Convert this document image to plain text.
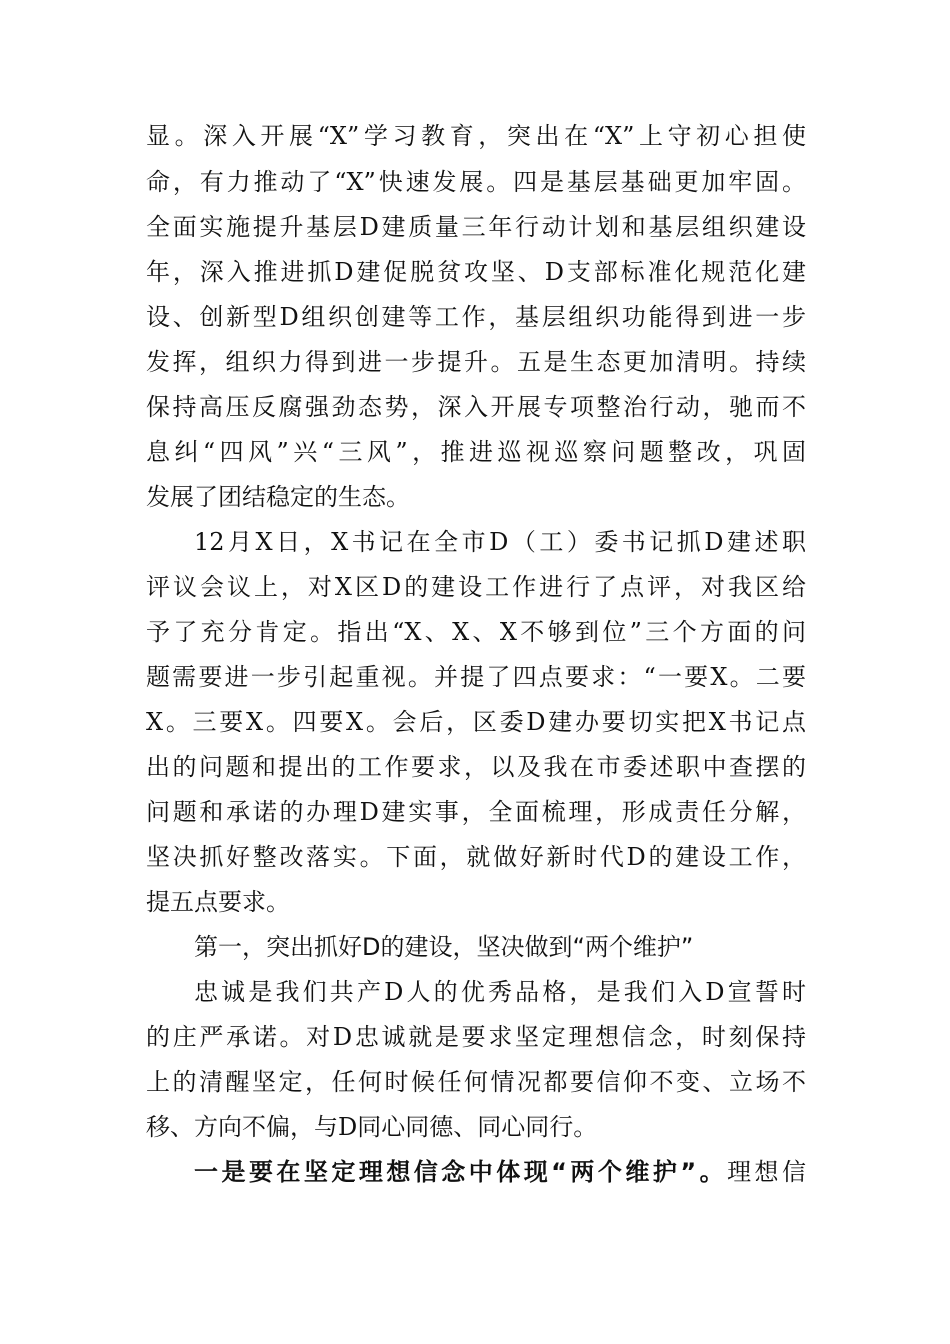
显。深入开展“X”学习教育，突出在“X”上守初心担使
命，有力推动了“X”快速发展。四是基层基础更加牢固。
全面实施提升基层D建质量三年行动计划和基层组织建设
年，深入推进抓D建促脱贫攻坚、D支部标准化规范化建
设、创新型D组织创建等工作，基层组织功能得到进一步
发挥，组织力得到进一步提升。五是生态更加清明。持续
保持高压反腐强劲态势，深入开展专项整治行动，驰而不
息纠“四风”兴“三风”，推进巡视巡察问题整改，巩固
发展了团结稳定的生态。
12月X日，X书记在全市D（工）委书记抓D建述职
评议会议上，对X区D的建设工作进行了点评，对我区给
予了充分肯定。指出“X、X、X不够到位”三个方面的问
题需要进一步引起重视。并提了四点要求：“一要X。二要
X。三要X。四要X。会后，区委D建办要切实把X书记点
出的问题和提出的工作要求，以及我在市委述职中查摆的
问题和承诺的办理D建实事，全面梳理，形成责任分解，
坚决抓好整改落实。下面，就做好新时代D的建设工作，
提五点要求。
第一，突出抓好D的建设，坚决做到“两个维护”
忠诚是我们共产D人的优秀品格，是我们入D宣誓时
的庄严承诺。对D忠诚就是要求坚定理想信念，时刻保持
上的清醒坚定，任何时候任何情况都要信仰不变、立场不
移、方向不偏，与D同心同德、同心同行。
一是要在坚定理想信念中体现“两个维护”。理想信
